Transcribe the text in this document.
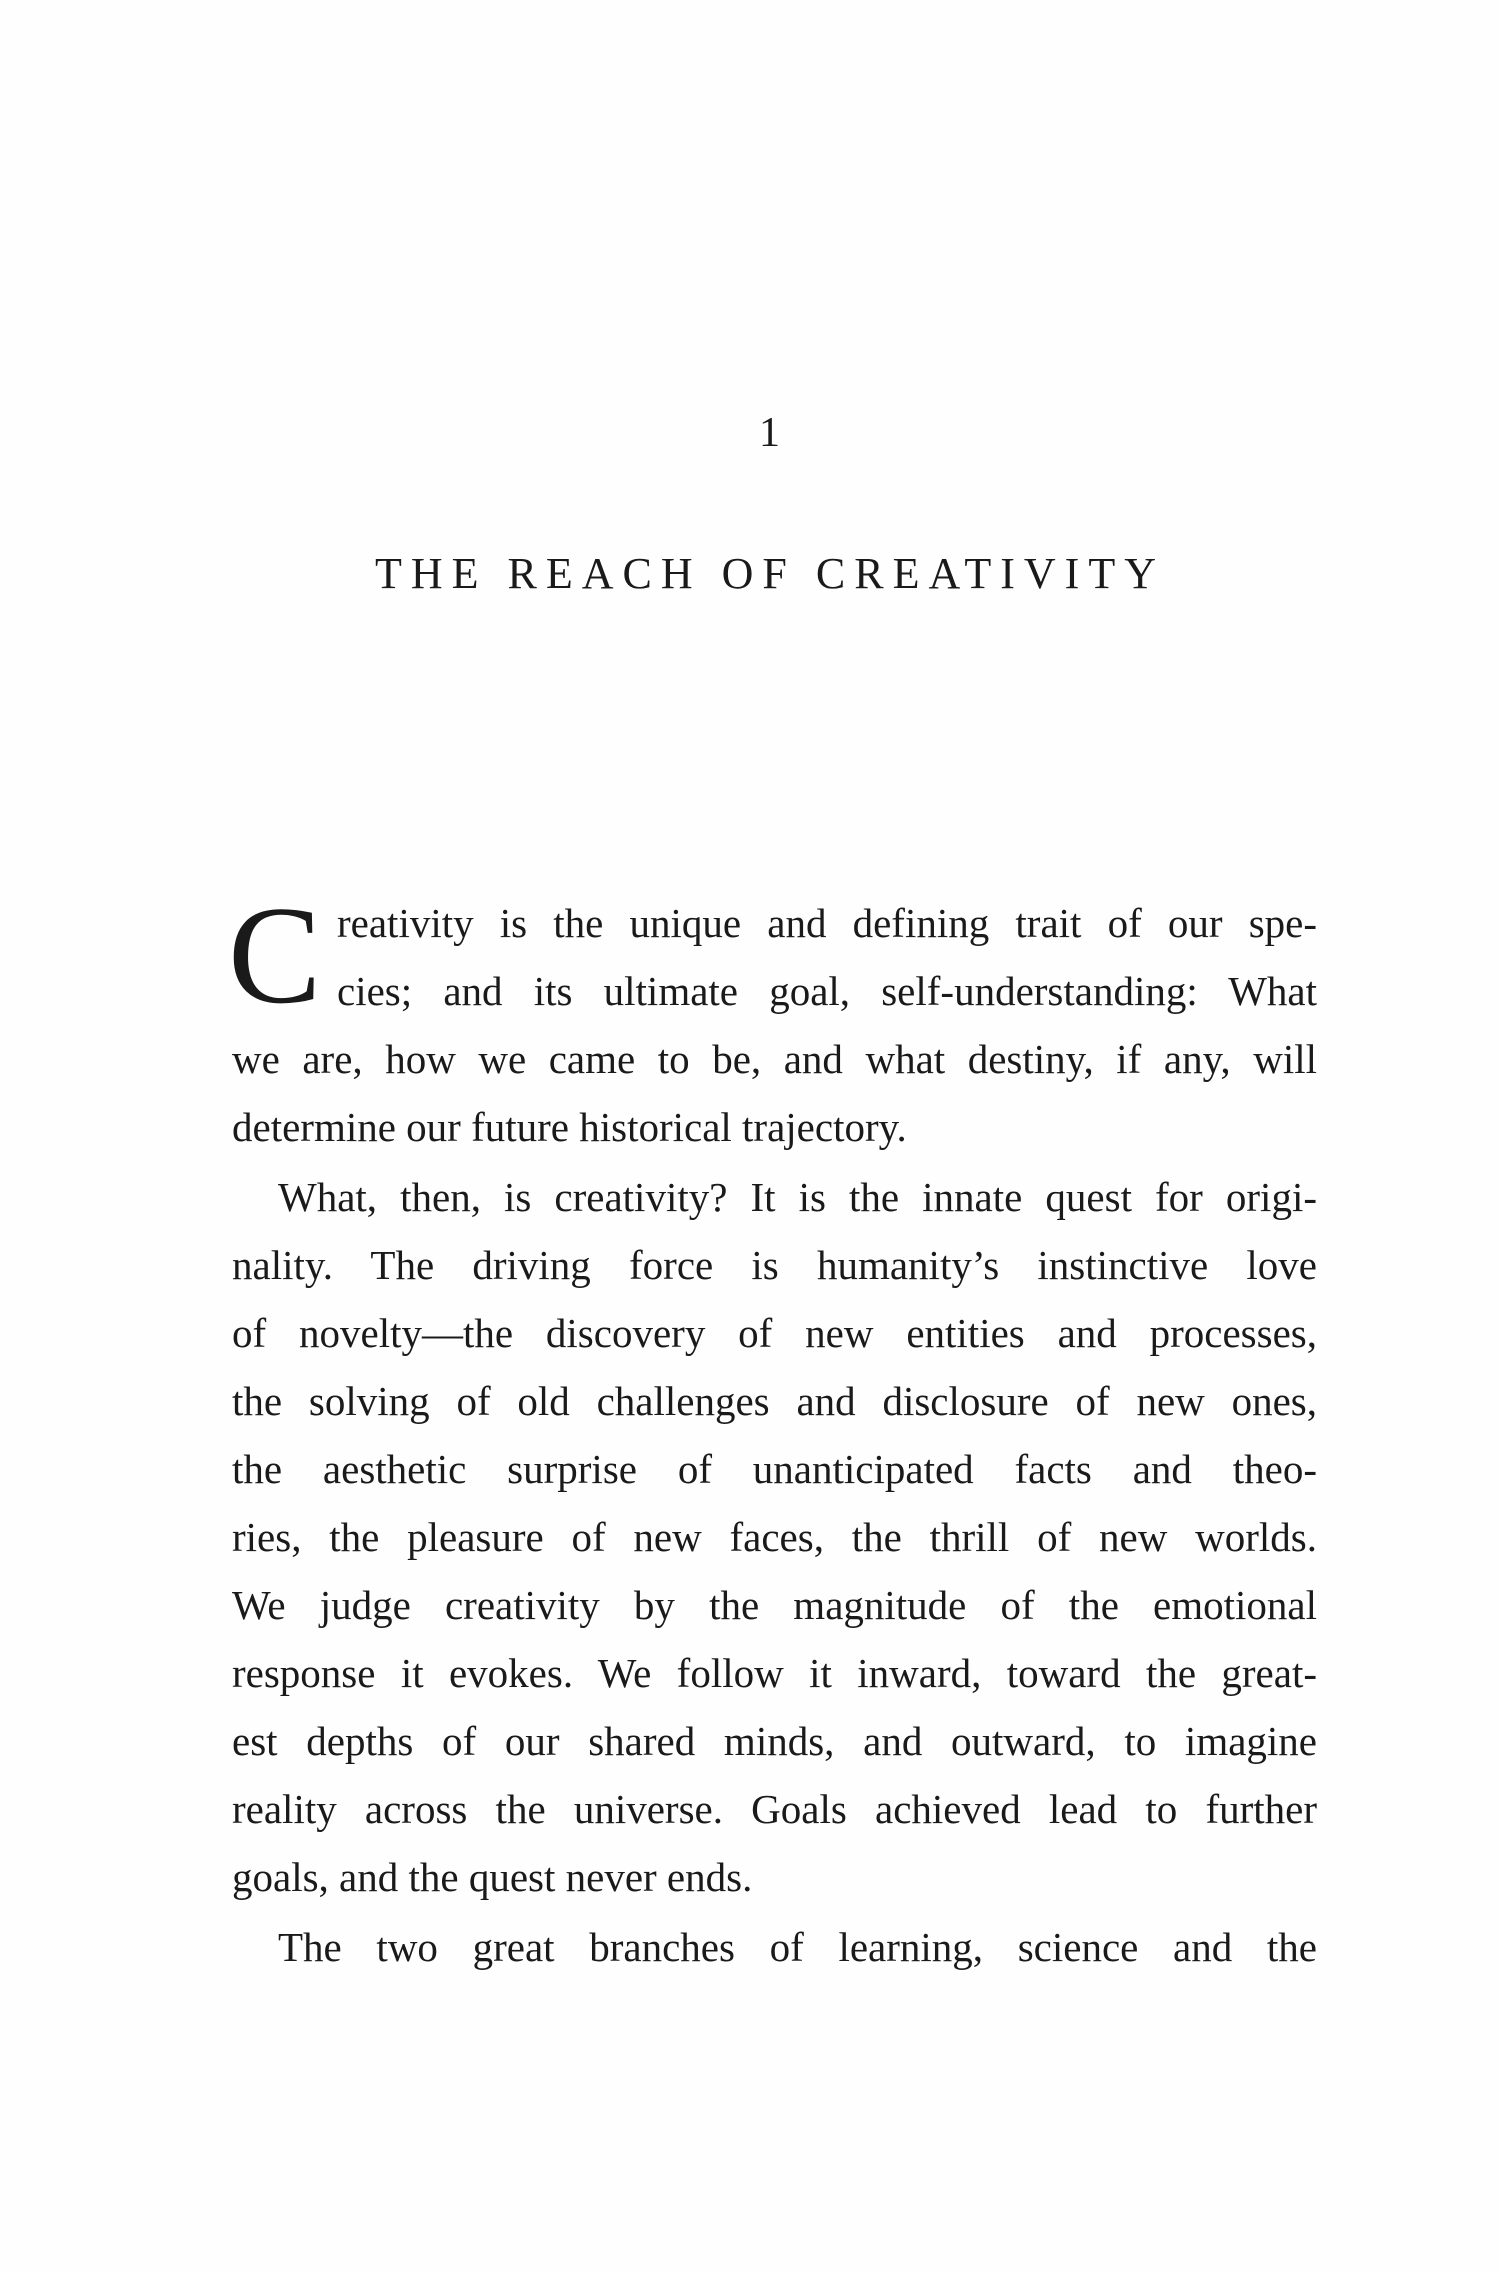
1
THE REACH OF CREATIVITY
C reativity is the unique and defining trait of our spe-
cies; and its ultimate goal, self-understanding: What
we are, how we came to be, and what destiny, if any, will
determine our future historical trajectory.
What, then, is creativity? It is the innate quest for origi-
nality. The driving force is humanity’s instinctive love
of novelty—the discovery of new entities and processes,
the solving of old challenges and disclosure of new ones,
the aesthetic surprise of unanticipated facts and theo-
ries, the pleasure of new faces, the thrill of new worlds.
We judge creativity by the magnitude of the emotional
response it evokes. We follow it inward, toward the great-
est depths of our shared minds, and outward, to imagine
reality across the universe. Goals achieved lead to further
goals, and the quest never ends.
The two great branches of learning, science and the
